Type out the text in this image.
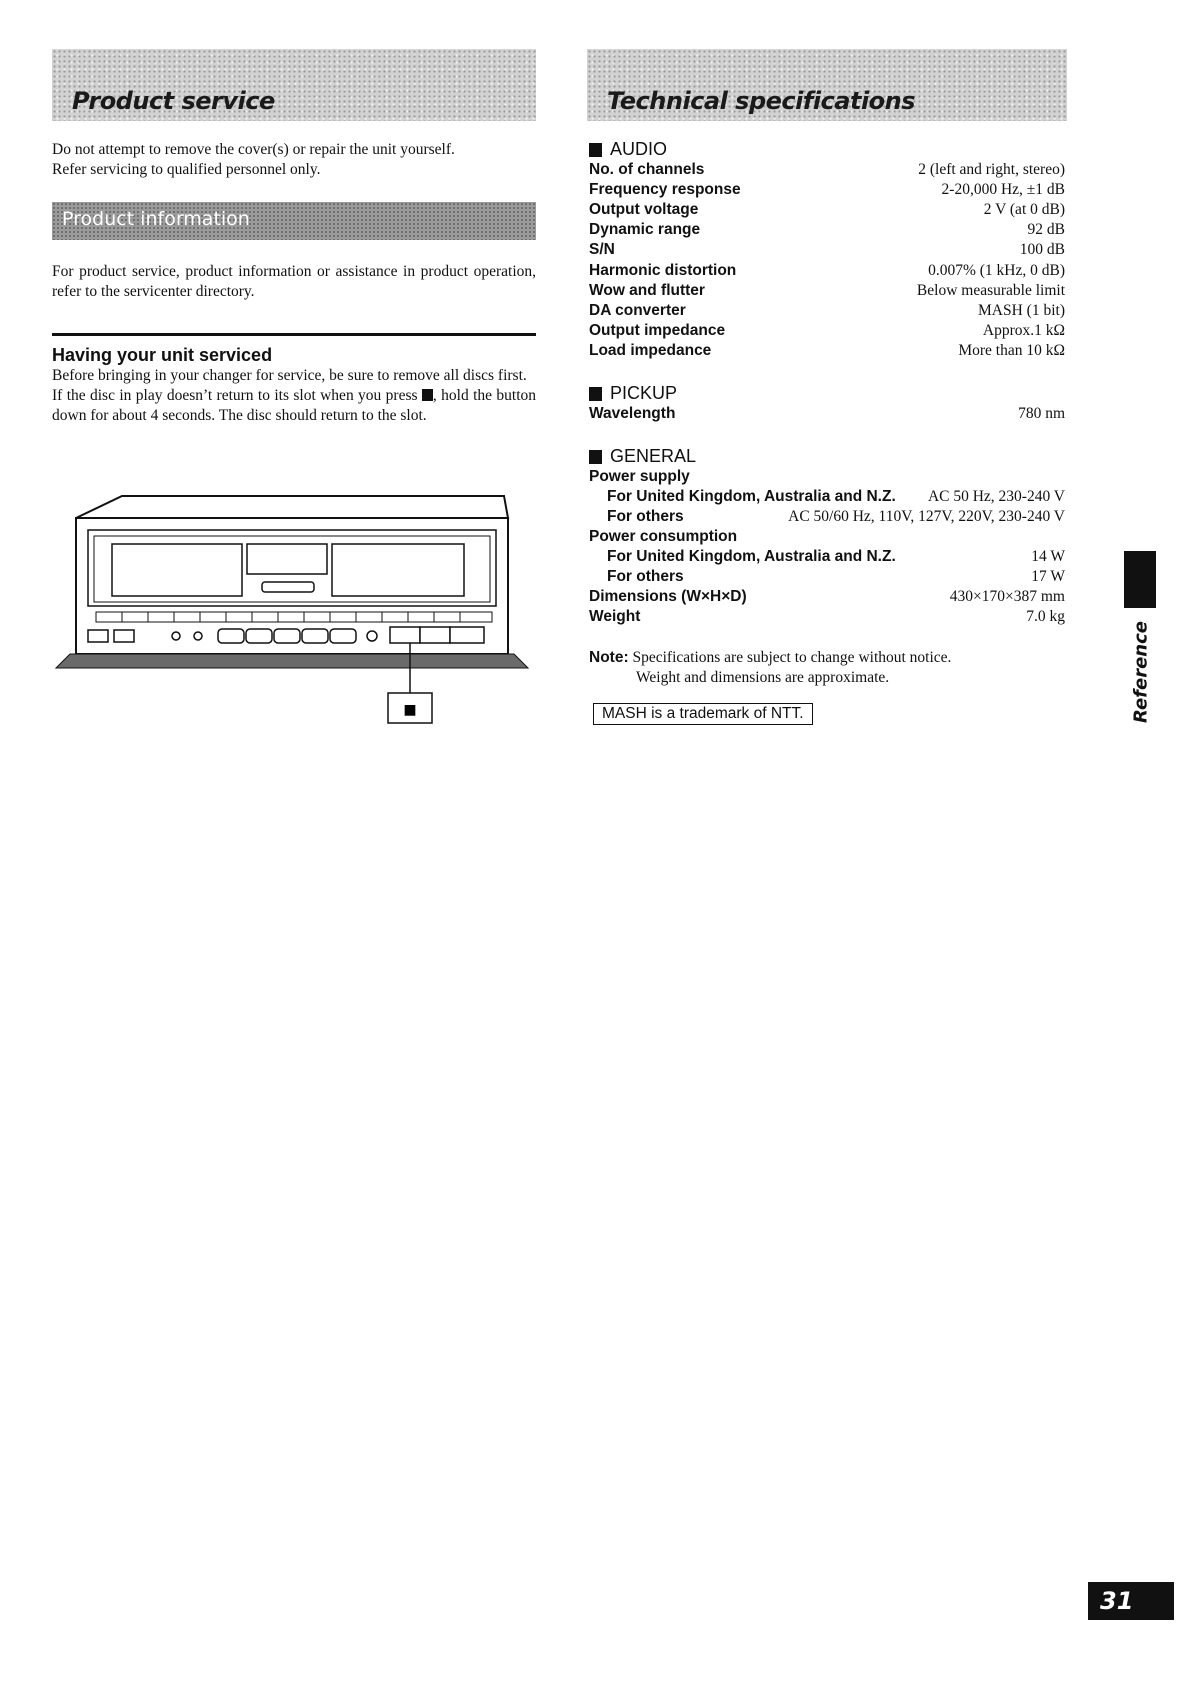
Product service

Do not attempt to remove the cover(s) or repair the unit yourself.

Refer servicing to qualified personnel only.

Product information

For product service, product information or assistance in product operation, refer to the servicenter directory.

Having your unit serviced

Before bringing in your changer for service, be sure to remove all discs first.

If the disc in play doesn’t return to its slot when you press , hold the button down for about 4 seconds. The disc should return to the slot.

■
Technical specifications
AUDIO
No. of channels	2 (left and right, stereo)
Frequency response	2-20,000 Hz, ±1 dB
Output voltage	2 V (at 0 dB)
Dynamic range	92 dB
S/N	100 dB
Harmonic distortion	0.007% (1 kHz, 0 dB)
Wow and flutter	Below measurable limit
DA converter	MASH (1 bit)
Output impedance	Approx.1 kΩ
Load impedance	More than 10 kΩ
PICKUP
Wavelength	780 nm
GENERAL
Power supply
For United Kingdom, Australia and N.Z. AC 50 Hz, 230-240 V
For others	AC 50/60 Hz, 110V, 127V, 220V, 230-240 V
Power consumption
For United Kingdom, Australia and N.Z.	14 W
For others	17 W
Dimensions (W×H×D)	430×170×387 mm
Weight	7.0 kg
Note: Specifications are subject to change without notice.
Weight and dimensions are approximate.
MASH is a trademark of NTT.	Reference
31
